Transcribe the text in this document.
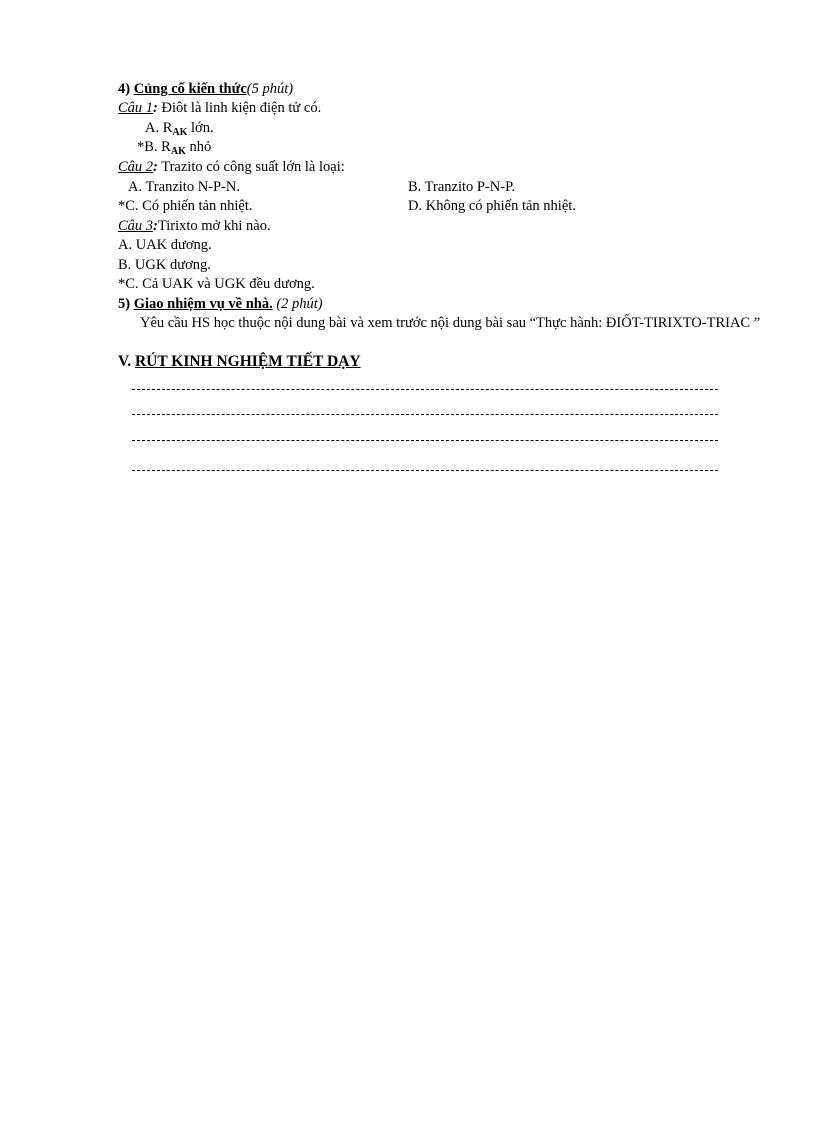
4) Củng cố kiến thức(5 phút)
Câu 1: Điôt là linh kiện điện tử có.
A. $R_{AK}$ lớn.
*B. $R_{AK}$ nhỏ
Câu 2: Trazito có công suất lớn là loại:
A. Tranzito N-P-N.	B. Tranzito P-N-P.
*C. Có phiến tản nhiệt.	D. Không có phiến tản nhiệt.
Câu 3:Tirixto mở khi nào.
A. UAK dương.
B. UGK dương.
*C. Cả UAK và UGK đều dương.
5) Giao nhiệm vụ về nhà. (2 phút)
Yêu cầu HS học thuộc nội dung bài và xem trước nội dung bài sau “Thực hành: ĐIỐT-TIRIXTO-TRIAC ”
V. RÚT KINH NGHIỆM TIẾT DẠY
